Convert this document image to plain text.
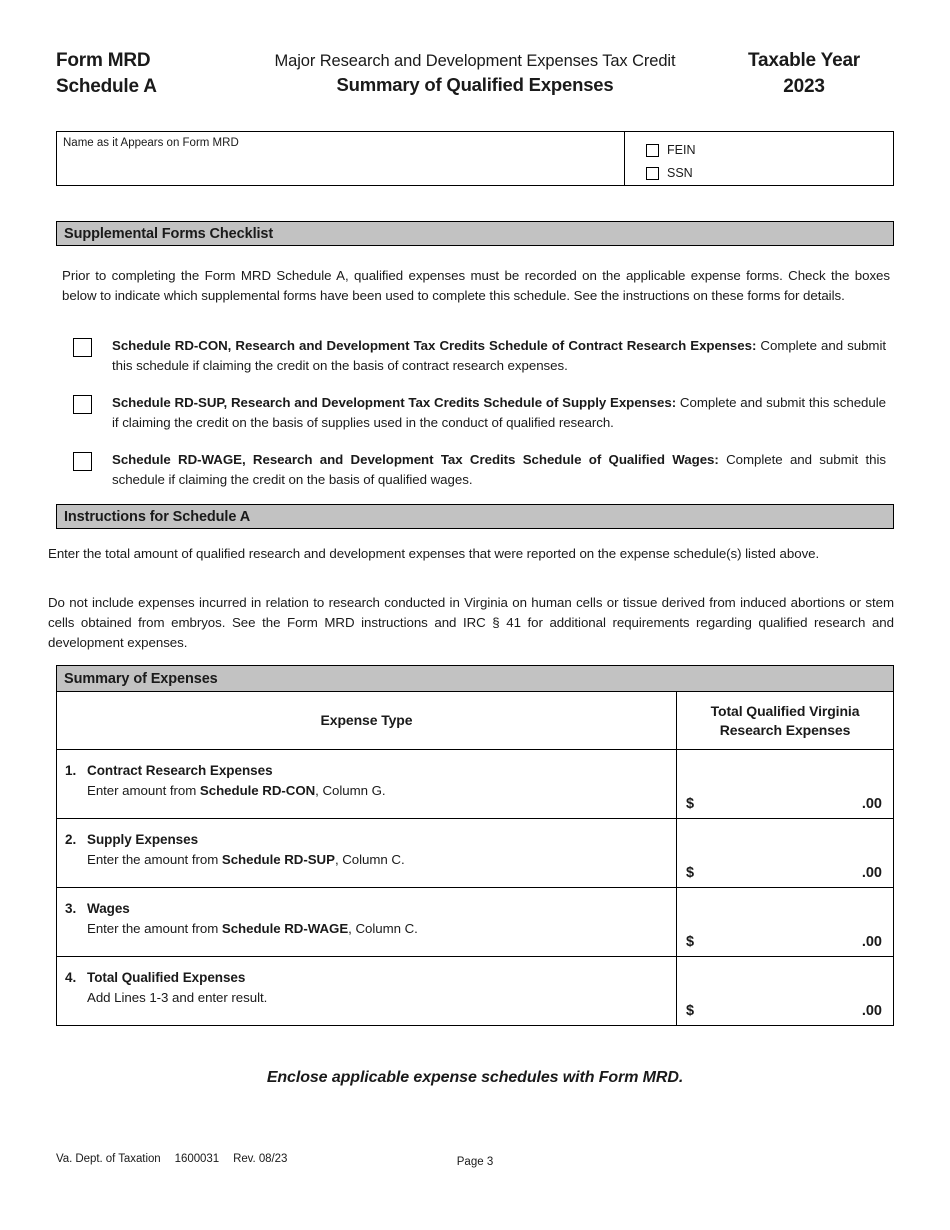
Form MRD
Schedule A
Major Research and Development Expenses Tax Credit
Summary of Qualified Expenses
Taxable Year
2023
Name as it Appears on Form MRD	FEIN
SSN
Supplemental Forms Checklist
Prior to completing the Form MRD Schedule A, qualified expenses must be recorded on the applicable expense forms. Check the boxes below to indicate which supplemental forms have been used to complete this schedule. See the instructions on these forms for details.
Schedule RD-CON, Research and Development Tax Credits Schedule of Contract Research Expenses: Complete and submit this schedule if claiming the credit on the basis of contract research expenses.
Schedule RD-SUP, Research and Development Tax Credits Schedule of Supply Expenses: Complete and submit this schedule if claiming the credit on the basis of supplies used in the conduct of qualified research.
Schedule RD-WAGE, Research and Development Tax Credits Schedule of Qualified Wages: Complete and submit this schedule if claiming the credit on the basis of qualified wages.
Instructions for Schedule A
Enter the total amount of qualified research and development expenses that were reported on the expense schedule(s) listed above.
Do not include expenses incurred in relation to research conducted in Virginia on human cells or tissue derived from induced abortions or stem cells obtained from embryos. See the Form MRD instructions and IRC § 41 for additional requirements regarding qualified research and development expenses.
Summary of Expenses
Expense Type
Total Qualified Virginia
Research Expenses
1. Contract Research Expenses
Enter amount from Schedule RD-CON, Column G.
$	.00
2. Supply Expenses
Enter the amount from Schedule RD-SUP, Column C.
$	.00
3. Wages
Enter the amount from Schedule RD-WAGE, Column C.
$	.00
4. Total Qualified Expenses
Add Lines 1-3 and enter result.
$	.00
Enclose applicable expense schedules with Form MRD.
Va. Dept. of Taxation 1600031 Rev. 08/23	Page 3
